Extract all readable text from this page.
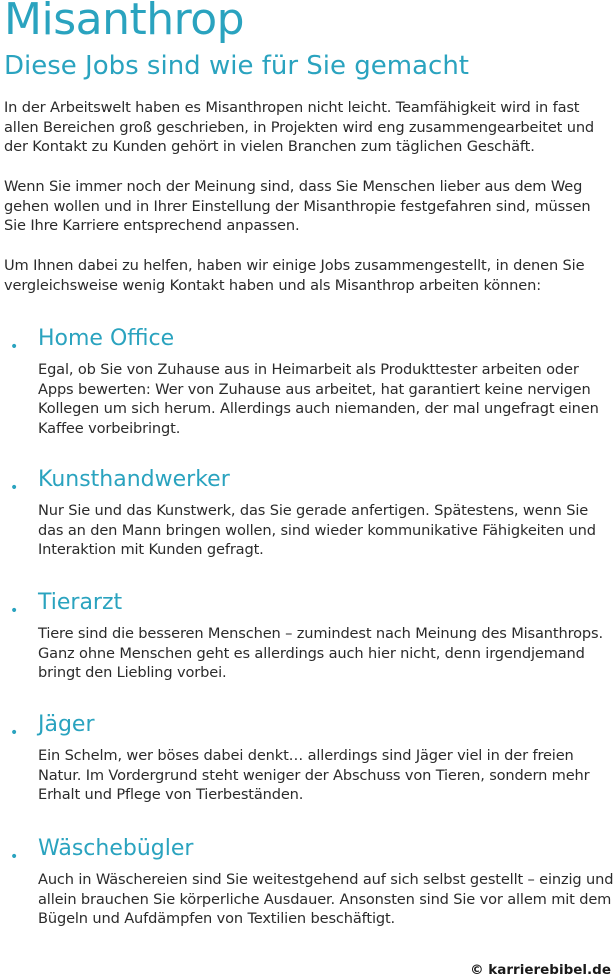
Misanthrop
Diese Jobs sind wie für Sie gemacht

In der Arbeitswelt haben es Misanthropen nicht leicht. Teamfähigkeit wird in fast allen Bereichen groß geschrieben, in Projekten wird eng zusammengearbeitet und der Kontakt zu Kunden gehört in vielen Branchen zum täglichen Geschäft.

Wenn Sie immer noch der Meinung sind, dass Sie Menschen lieber aus dem Weg gehen wollen und in Ihrer Einstellung der Misanthropie festgefahren sind, müssen Sie Ihre Karriere entsprechend anpassen.

Um Ihnen dabei zu helfen, haben wir einige Jobs zusammengestellt, in denen Sie vergleichsweise wenig Kontakt haben und als Misanthrop arbeiten können:

• Home Office

Egal, ob Sie von Zuhause aus in Heimarbeit als Produkttester arbeiten oder Apps bewerten: Wer von Zuhause aus arbeitet, hat garantiert keine nervigen Kollegen um sich herum. Allerdings auch niemanden, der mal ungefragt einen Kaffee vorbeibringt.

• Kunsthandwerker

Nur Sie und das Kunstwerk, das Sie gerade anfertigen. Spätestens, wenn Sie das an den Mann bringen wollen, sind wieder kommunikative Fähigkeiten und Interaktion mit Kunden gefragt.

• Tierarzt

Tiere sind die besseren Menschen – zumindest nach Meinung des Misanthrops. Ganz ohne Menschen geht es allerdings auch hier nicht, denn irgendjemand bringt den Liebling vorbei.

• Jäger

Ein Schelm, wer böses dabei denkt… allerdings sind Jäger viel in der freien Natur. Im Vordergrund steht weniger der Abschuss von Tieren, sondern mehr Erhalt und Pflege von Tierbeständen.

• Wäschebügler

Auch in Wäschereien sind Sie weitestgehend auf sich selbst gestellt – einzig und allein brauchen Sie körperliche Ausdauer. Ansonsten sind Sie vor allem mit dem Bügeln und Aufdämpfen von Textilien beschäftigt.

© karrierebibel.de
